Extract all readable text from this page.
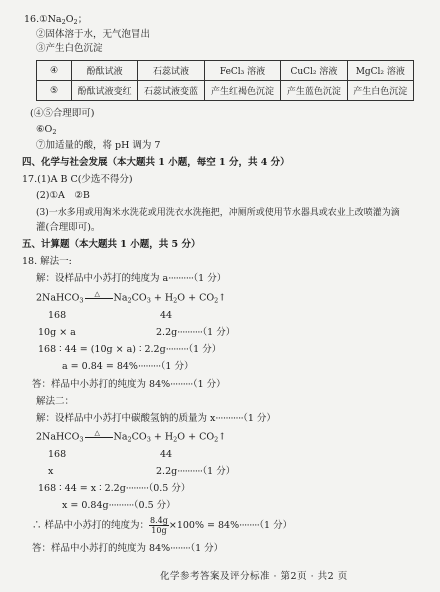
$16.①Na_2O_2$；
②固体溶于水，无气泡冒出
③产生白色沉淀
④	酚酞试液	石蕊试液	FeCl₃ 溶液	CuCl₂ 溶液	MgCl₂ 溶液
⑤	酚酞试液变红	石蕊试液变蓝	产生红褐色沉淀	产生蓝色沉淀	产生白色沉淀
(④⑤合理即可)
$⑥O_2$
⑦加适量的酸，将 pH 调为 7
四、化学与社会发展（本大题共 1 小题，每空 1 分，共 4 分）
17.(1)A B C(少选不得分)
(2)①A　②B
(3)一水多用或用淘米水洗花或用洗衣水洗拖把，冲厕所或使用节水器具或农业上改喷灌为滴
灌(合理即可)。
五、计算题（本大题共 1 小题，共 5 分）
18. 解法一:
解：设样品中小苏打的纯度为 a··········（1 分）
2NaHCO$_3$
△ $Na_2CO_3 + H_2O$ + $CO_2↑$
168	44
10g × a	2.2g··········（1 分）
168 ∶ 44 = (10g × a) ∶ 2.2g·········（1 分）
a = 0.84 = 84%·········（1 分）
答：样品中小苏打的纯度为 84%·········（1 分）
解法二：
解：设样品中小苏打中碳酸氢钠的质量为 x···········（1 分）
2NaHCO$_3$
△ $Na_2CO_3 + H_2O$ + $CO_2↑$
168	44
x	2.2g··········（1 分）
168 ∶ 44 = x ∶ 2.2g·········（0.5 分）
x = 0.84g··········（0.5 分）
∴ 样品中小苏打的纯度为： $\frac{8.4g}{10g} \times 100\% = 84\%\cdot\cdot\cdot\cdot\cdot\cdot\cdot\cdot(1$ 分）
答：样品中小苏打的纯度为 84%········（1 分）
化学参考答案及评分标准 · 第2页 · 共2 页
